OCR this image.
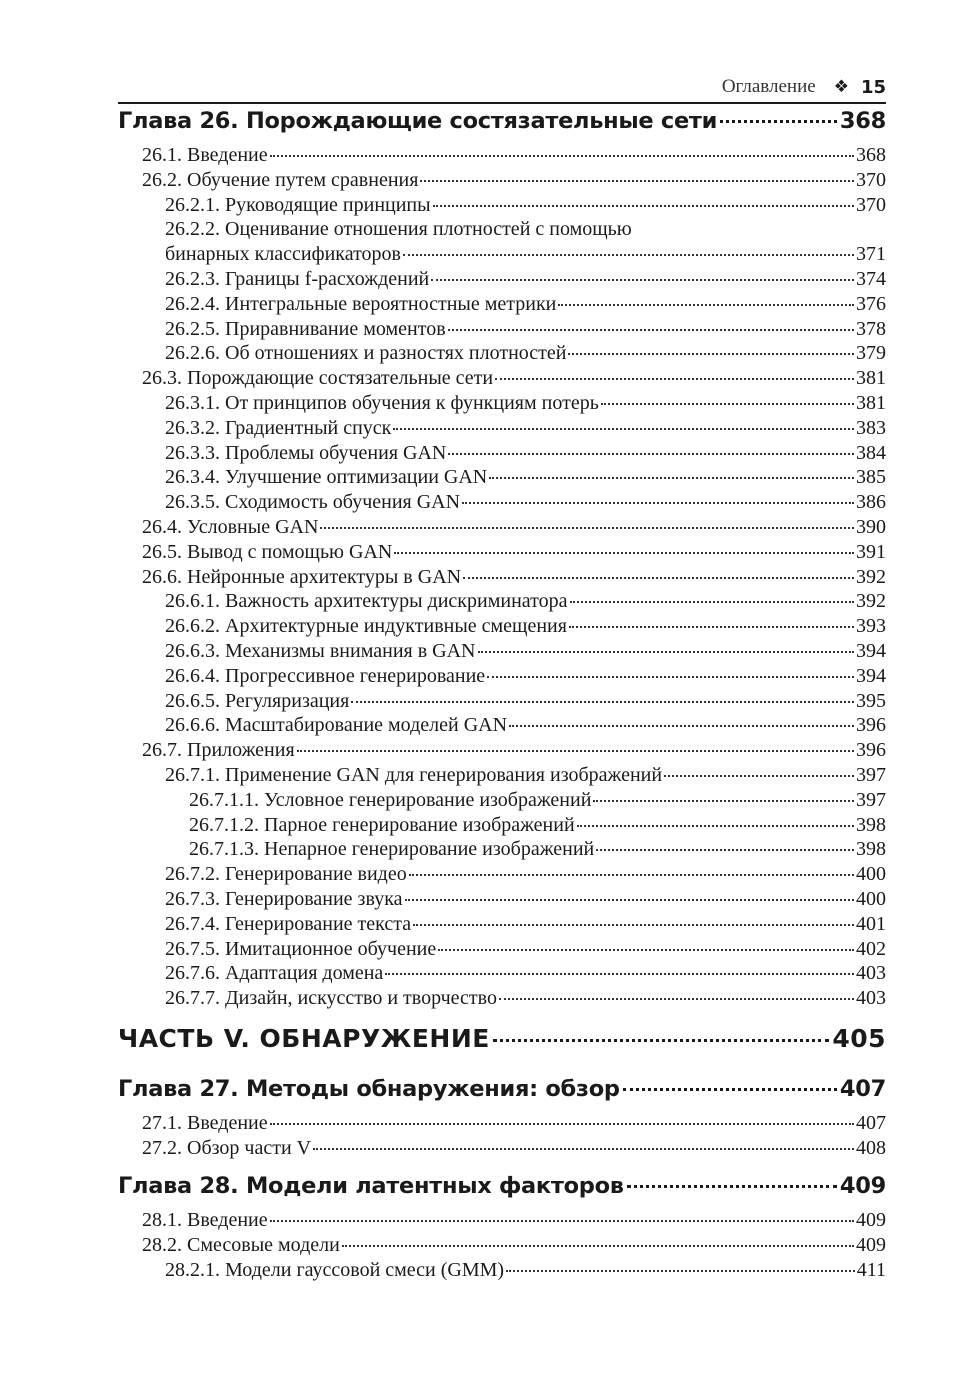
Оглавление ❖ 15
Глава 26. Порождающие состязательные сети	368
26.1. Введение	368
26.2. Обучение путем сравнения	370
26.2.1. Руководящие принципы	370
26.2.2. Оценивание отношения плотностей с помощью
бинарных классификаторов	371
26.2.3. Границы f-расхождений	374
26.2.4. Интегральные вероятностные метрики	376
26.2.5. Приравнивание моментов	378
26.2.6. Об отношениях и разностях плотностей	379
26.3. Порождающие состязательные сети	381
26.3.1. От принципов обучения к функциям потерь	381
26.3.2. Градиентный спуск	383
26.3.3. Проблемы обучения GAN	384
26.3.4. Улучшение оптимизации GAN	385
26.3.5. Сходимость обучения GAN	386
26.4. Условные GAN	390
26.5. Вывод с помощью GAN	391
26.6. Нейронные архитектуры в GAN	392
26.6.1. Важность архитектуры дискриминатора	392
26.6.2. Архитектурные индуктивные смещения	393
26.6.3. Механизмы внимания в GAN	394
26.6.4. Прогрессивное генерирование	394
26.6.5. Регуляризация	395
26.6.6. Масштабирование моделей GAN	396
26.7. Приложения	396
26.7.1. Применение GAN для генерирования изображений	397
26.7.1.1. Условное генерирование изображений	397
26.7.1.2. Парное генерирование изображений	398
26.7.1.3. Непарное генерирование изображений	398
26.7.2. Генерирование видео	400
26.7.3. Генерирование звука	400
26.7.4. Генерирование текста	401
26.7.5. Имитационное обучение	402
26.7.6. Адаптация домена	403
26.7.7. Дизайн, искусство и творчество	403
ЧАСТЬ V. ОБНАРУЖЕНИЕ	405
Глава 27. Методы обнаружения: обзор	407
27.1. Введение	407
27.2. Обзор части V	408
Глава 28. Модели латентных факторов	409
28.1. Введение	409
28.2. Смесовые модели	409
28.2.1. Модели гауссовой смеси (GMM)	411
